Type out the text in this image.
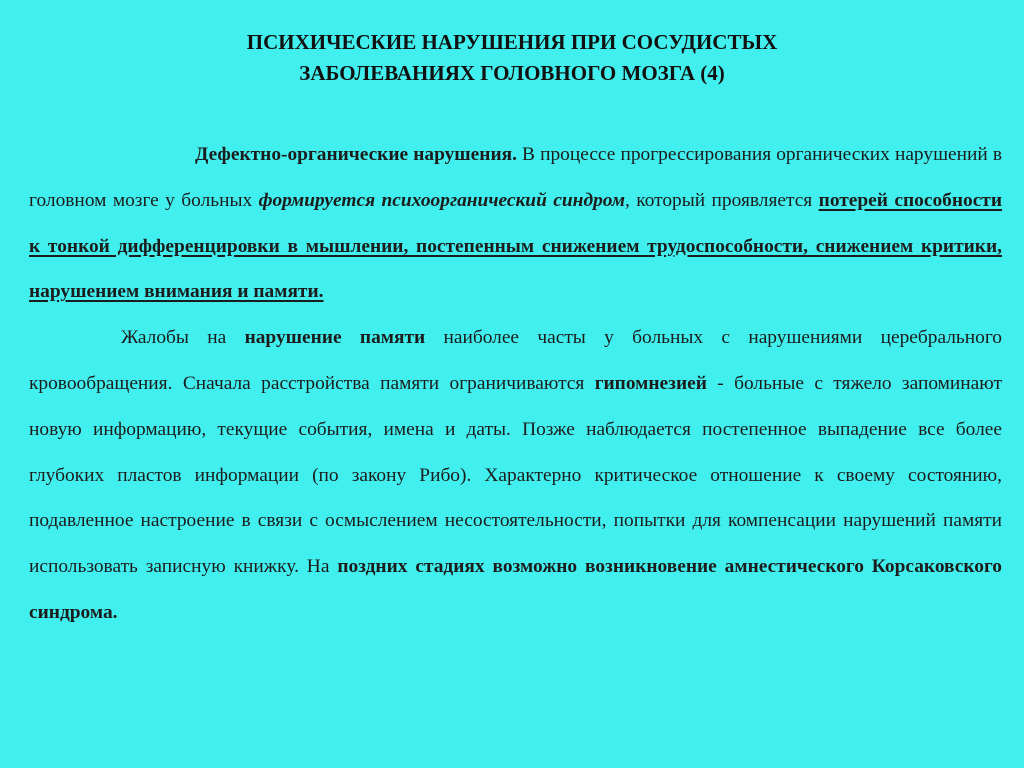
ПСИХИЧЕСКИЕ НАРУШЕНИЯ ПРИ СОСУДИСТЫХ
ЗАБОЛЕВАНИЯХ ГОЛОВНОГО МОЗГА (4)

Дефектно-органические нарушения. В процессе прогрессирования органических нарушений в головном мозге у больных формируется психоорганический синдром, который проявляется потерей способности к тонкой дифференцировки в мышлении, постепенным снижением трудоспособности, снижением критики, нарушением внимания и памяти.

Жалобы на нарушение памяти наиболее часты у больных с нарушениями церебрального кровообращения. Сначала расстройства памяти ограничиваются гипомнезией - больные с тяжело запоминают новую информацию, текущие события, имена и даты. Позже наблюдается постепенное выпадение все более глубоких пластов информации (по закону Рибо). Характерно критическое отношение к своему состоянию, подавленное настроение в связи с осмыслением несостоятельности, попытки для компенсации нарушений памяти использовать записную книжку. На поздних стадиях возможно возникновение амнестического Корсаковского синдрома.
